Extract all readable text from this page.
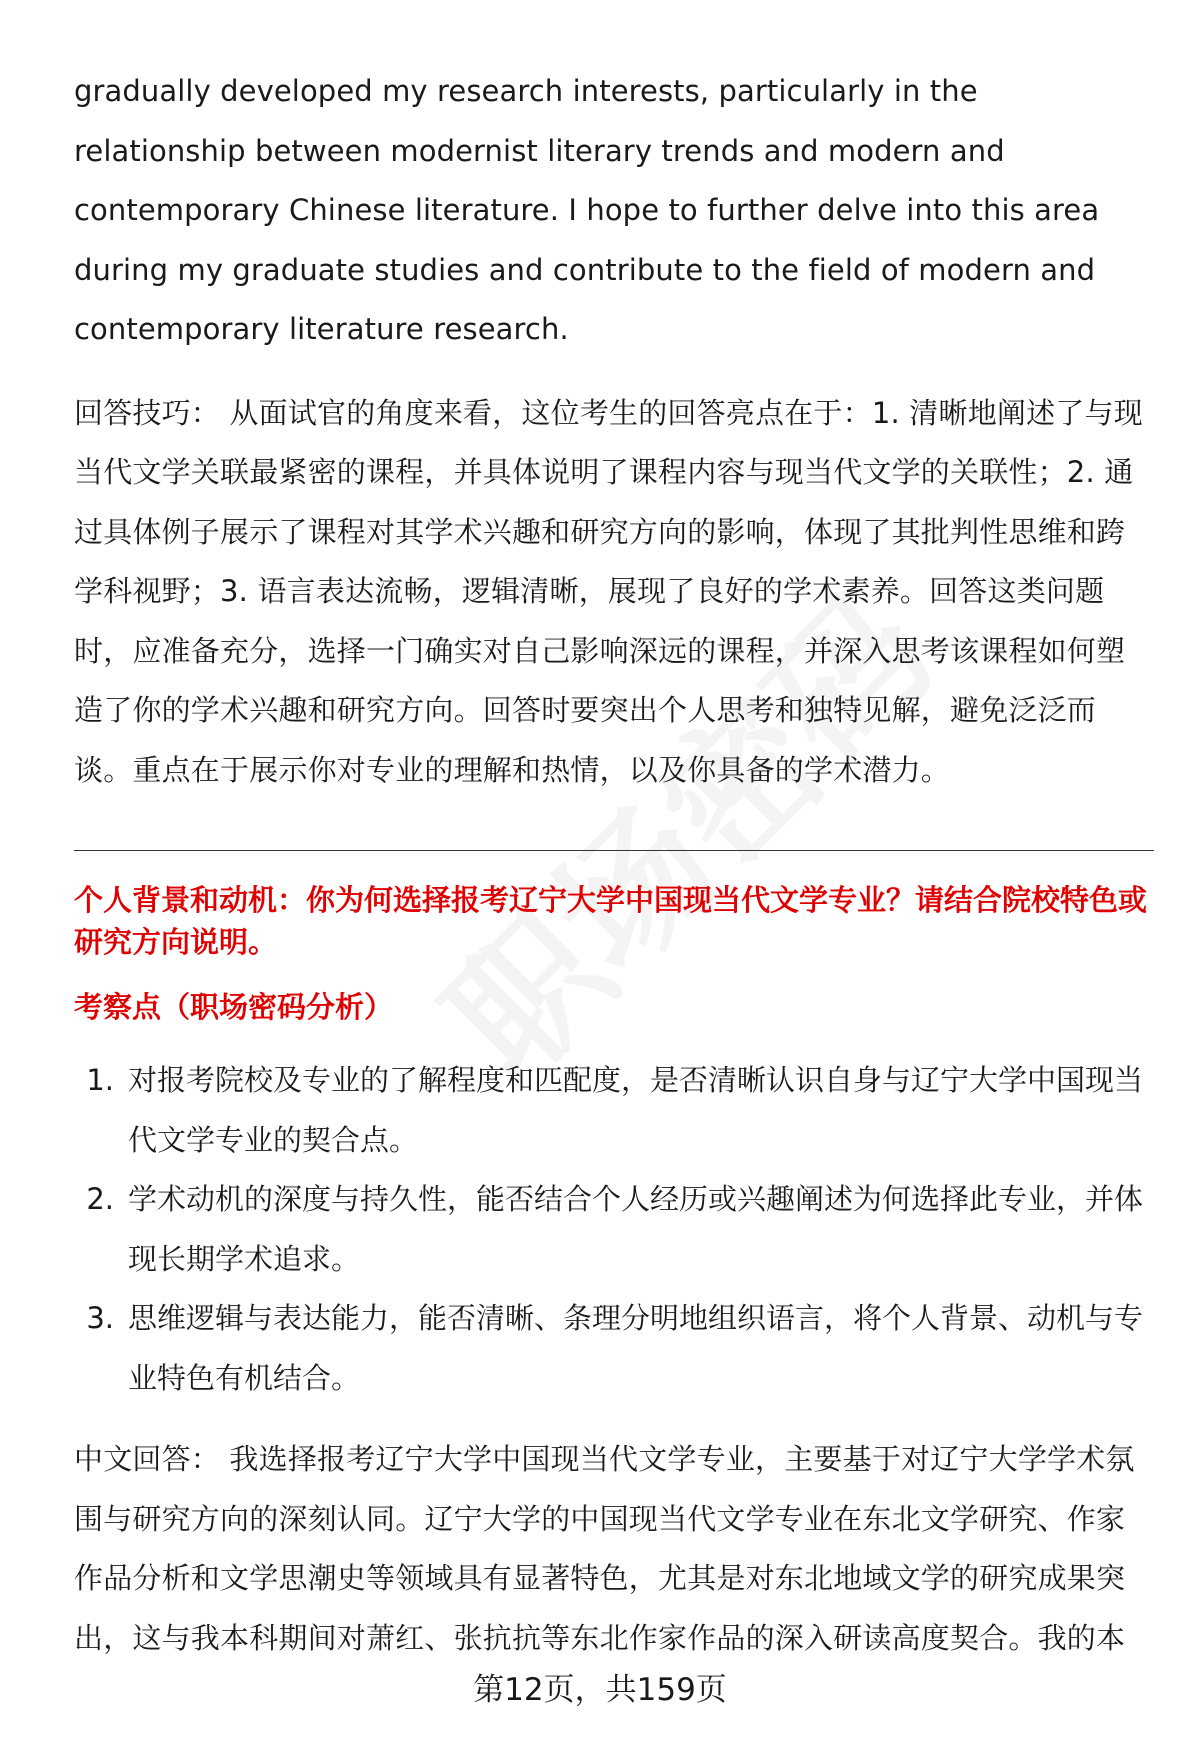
gradually developed my research interests, particularly in the relationship between modernist literary trends and modern and contemporary Chinese literature. I hope to further delve into this area during my graduate studies and contribute to the field of modern and contemporary literature research.

回答技巧： 从面试官的角度来看，这位考生的回答亮点在于：1. 清晰地阐述了与现当代文学关联最紧密的课程，并具体说明了课程内容与现当代文学的关联性；2. 通过具体例子展示了课程对其学术兴趣和研究方向的影响，体现了其批判性思维和跨学科视野；3. 语言表达流畅，逻辑清晰，展现了良好的学术素养。回答这类问题时，应准备充分，选择一门确实对自己影响深远的课程，并深入思考该课程如何塑造了你的学术兴趣和研究方向。回答时要突出个人思考和独特见解，避免泛泛而谈。重点在于展示你对专业的理解和热情，以及你具备的学术潜力。

个人背景和动机：你为何选择报考辽宁大学中国现当代文学专业？请结合院校特色或研究方向说明。

考察点（职场密码分析）

1. 对报考院校及专业的了解程度和匹配度，是否清晰认识自身与辽宁大学中国现当代文学专业的契合点。
2. 学术动机的深度与持久性，能否结合个人经历或兴趣阐述为何选择此专业，并体现长期学术追求。
3. 思维逻辑与表达能力，能否清晰、条理分明地组织语言，将个人背景、动机与专业特色有机结合。

中文回答： 我选择报考辽宁大学中国现当代文学专业，主要基于对辽宁大学学术氛围与研究方向的深刻认同。辽宁大学的中国现当代文学专业在东北文学研究、作家作品分析和文学思潮史等领域具有显著特色，尤其是对东北地域文学的研究成果突出，这与我本科期间对萧红、张抗抗等东北作家作品的深入研读高度契合。我的本

第12页，共159页
